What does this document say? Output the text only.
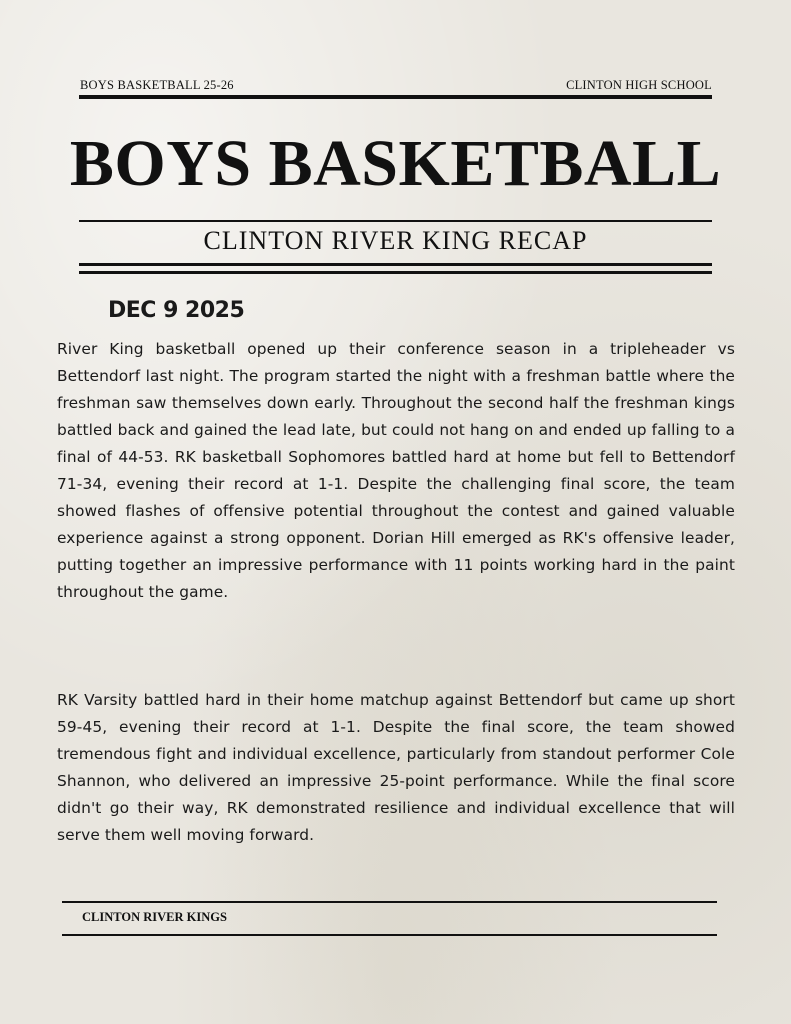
BOYS BASKETBALL 25-26	CLINTON HIGH SCHOOL
BOYS BASKETBALL
CLINTON RIVER KING RECAP
DEC 9 2025

River King basketball opened up their conference season in a tripleheader vs Bettendorf last night. The program started the night with a freshman battle where the freshman saw themselves down early. Throughout the second half the freshman kings battled back and gained the lead late, but could not hang on and ended up falling to a final of 44-53. RK basketball Sophomores battled hard at home but fell to Bettendorf 71-34, evening their record at 1-1. Despite the challenging final score, the team showed flashes of offensive potential throughout the contest and gained valuable experience against a strong opponent. Dorian Hill emerged as RK's offensive leader, putting together an impressive performance with 11 points working hard in the paint throughout the game.

RK Varsity battled hard in their home matchup against Bettendorf but came up short 59-45, evening their record at 1-1. Despite the final score, the team showed tremendous fight and individual excellence, particularly from standout performer Cole Shannon, who delivered an impressive 25-point performance. While the final score didn't go their way, RK demonstrated resilience and individual excellence that will serve them well moving forward.

CLINTON RIVER KINGS
